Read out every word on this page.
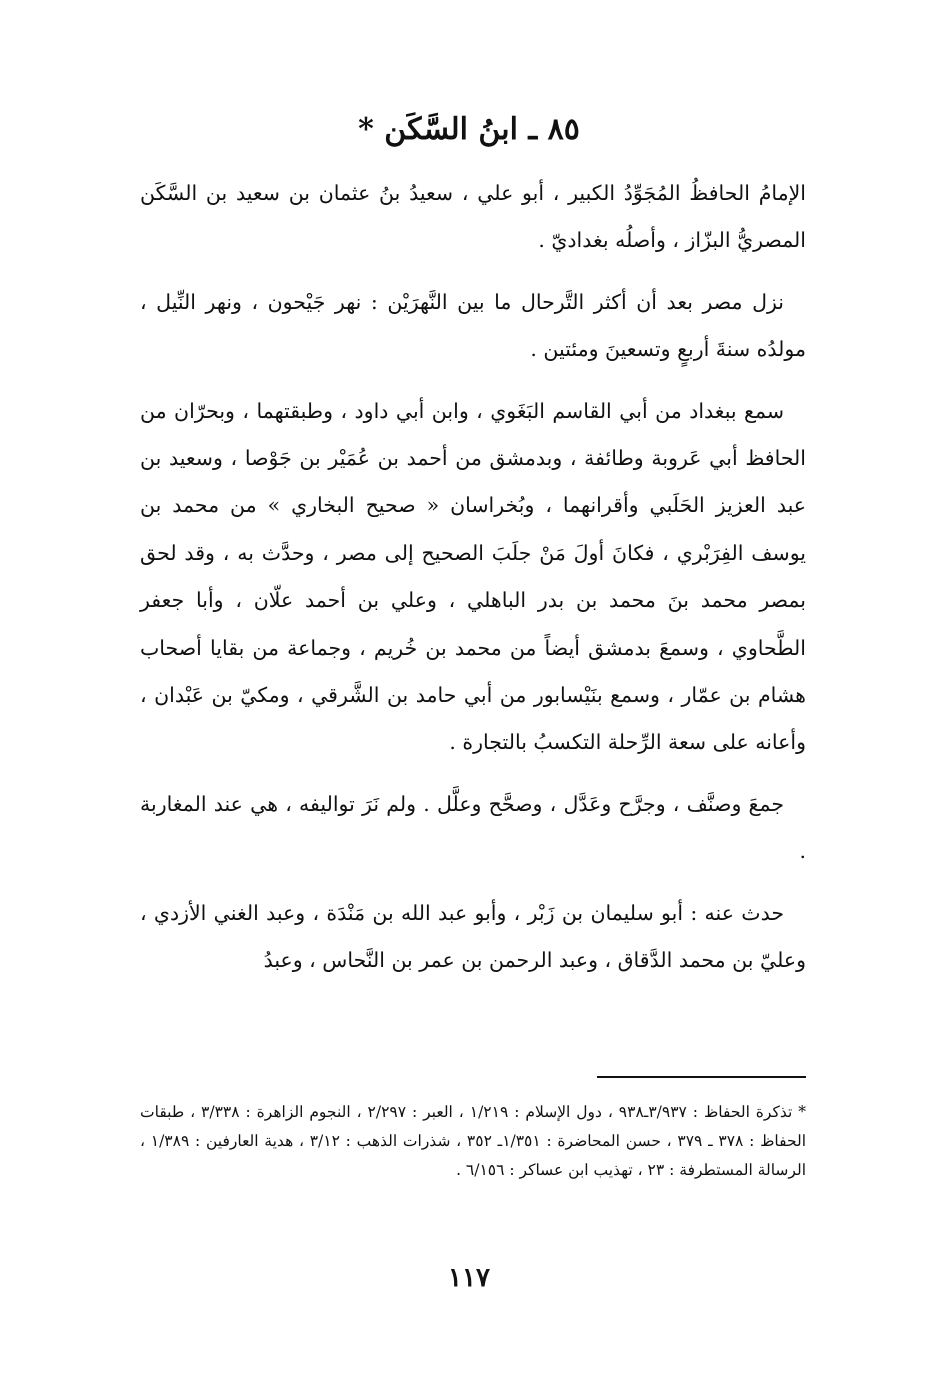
٨٥ ـ ابنُ السَّكَن *

الإمامُ الحافظُ المُجَوِّدُ الكبير ، أبو علي ، سعيدُ بنُ عثمان بن سعيد بن السَّكَن المصريُّ البزّاز ، وأصلُه بغداديّ .

نزل مصر بعد أن أكثر التَّرحال ما بين النَّهرَيْن : نهر جَيْحون ، ونهر النِّيل ، مولدُه سنةَ أربعٍ وتسعينَ ومئتين .

سمع ببغداد من أبي القاسم البَغَوي ، وابن أبي داود ، وطبقتهما ، وبحرّان من الحافظ أبي عَروبة وطائفة ، وبدمشق من أحمد بن عُمَيْر بن جَوْصا ، وسعيد بن عبد العزيز الحَلَبي وأقرانهما ، وبُخراسان « صحيح البخاري » من محمد بن يوسف الفِرَبْري ، فكانَ أولَ مَنْ جلَبَ الصحيح إلى مصر ، وحدَّث به ، وقد لحق بمصر محمد بنَ محمد بن بدر الباهلي ، وعلي بن أحمد علّان ، وأبا جعفر الطَّحاوي ، وسمعَ بدمشق أيضاً من محمد بن خُريم ، وجماعة من بقايا أصحاب هشام بن عمّار ، وسمع بنَيْسابور من أبي حامد بن الشَّرقي ، ومكيّ بن عَبْدان ، وأعانه على سعة الرِّحلة التكسبُ بالتجارة .

جمعَ وصنَّف ، وجرَّح وعَدَّل ، وصحَّح وعلَّل . ولم نَرَ تواليفه ، هي عند المغاربة .

حدث عنه : أبو سليمان بن زَبْر ، وأبو عبد الله بن مَنْدَة ، وعبد الغني الأزدي ، وعليّ بن محمد الدَّقاق ، وعبد الرحمن بن عمر بن النَّحاس ، وعبدُ

* تذكرة الحفاظ : ٣/٩٣٧ـ٩٣٨ ، دول الإسلام : ١/٢١٩ ، العبر : ٢/٢٩٧ ، النجوم الزاهرة : ٣/٣٣٨ ، طبقات الحفاظ : ٣٧٨ ـ ٣٧٩ ، حسن المحاضرة : ١/٣٥١ـ ٣٥٢ ، شذرات الذهب : ٣/١٢ ، هدية العارفين : ١/٣٨٩ ، الرسالة المستطرفة : ٢٣ ، تهذيب ابن عساكر : ٦/١٥٦ .

١١٧
